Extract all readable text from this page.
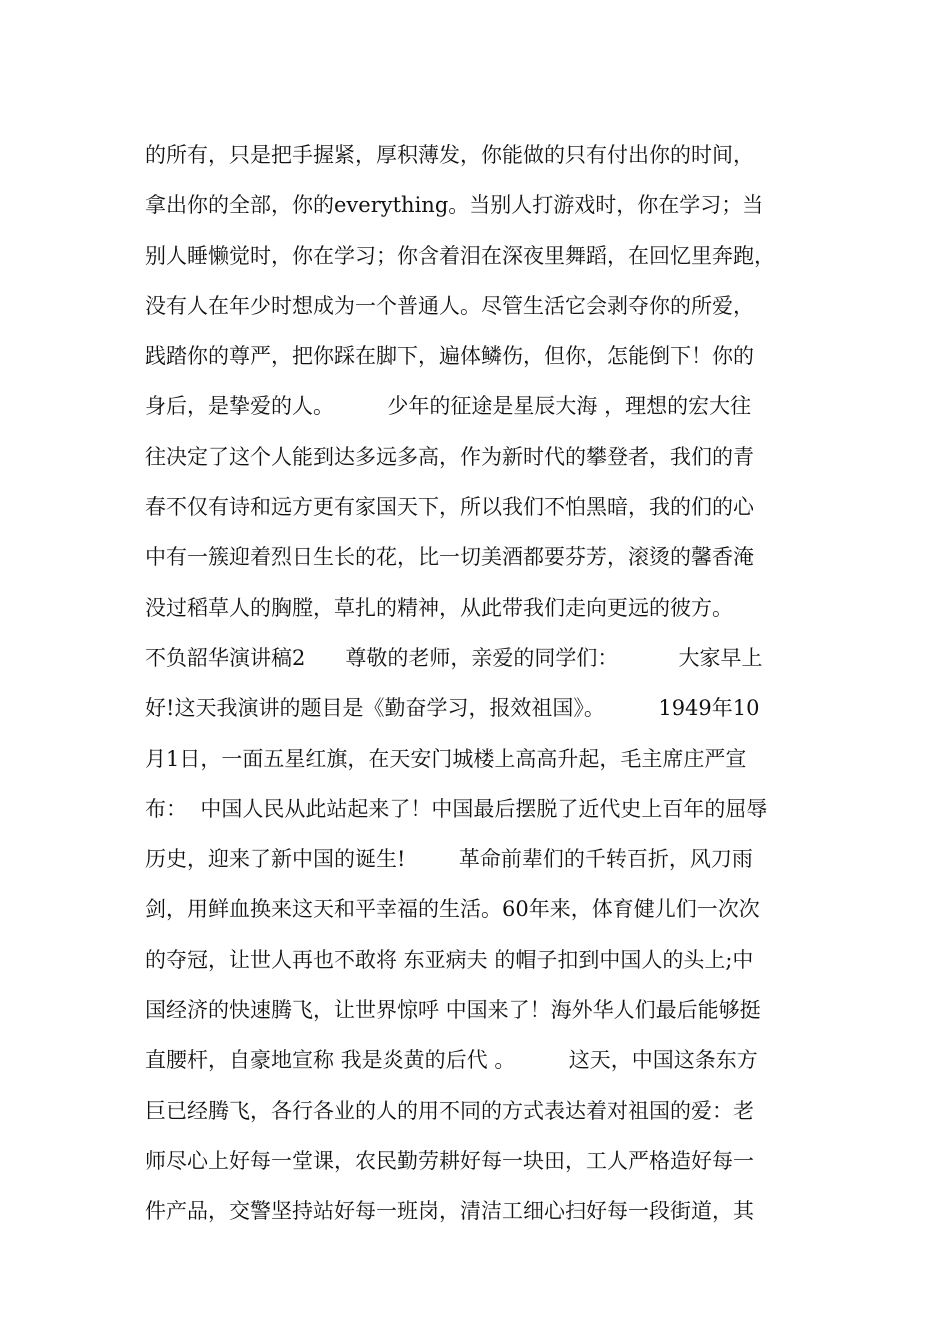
的所有，只是把手握紧，厚积薄发，你能做的只有付出你的时间，
拿出你的全部，你的everything。当别人打游戏时，你在学习；当
别人睡懒觉时，你在学习；你含着泪在深夜里舞蹈，在回忆里奔跑，
没有人在年少时想成为一个普通人。尽管生活它会剥夺你的所爱，
践踏你的尊严，把你踩在脚下，遍体鳞伤，但你，怎能倒下！你的
身后，是挚爱的人。        少年的征途是星辰大海 ，理想的宏大往
往决定了这个人能到达多远多高，作为新时代的攀登者，我们的青
春不仅有诗和远方更有家国天下，所以我们不怕黑暗，我的们的心
中有一簇迎着烈日生长的花，比一切美酒都要芬芳，滚烫的馨香淹
没过稻草人的胸膛，草扎的精神，从此带我们走向更远的彼方。
不负韶华演讲稿2      尊敬的老师，亲爱的同学们：         大家早上
好!这天我演讲的题目是《勤奋学习，报效祖国》。        1949年10
月1日，一面五星红旗，在天安门城楼上高高升起，毛主席庄严宣
布：  中国人民从此站起来了！中国最后摆脱了近代史上百年的屈辱
历史，迎来了新中国的诞生!        革命前辈们的千转百折，风刀雨
剑，用鲜血换来这天和平幸福的生活。60年来，体育健儿们一次次
的夺冠，让世人再也不敢将 东亚病夫 的帽子扣到中国人的头上;中
国经济的快速腾飞，让世界惊呼 中国来了！海外华人们最后能够挺
直腰杆，自豪地宣称 我是炎黄的后代 。        这天，中国这条东方
巨已经腾飞，各行各业的人的用不同的方式表达着对祖国的爱：老
师尽心上好每一堂课，农民勤劳耕好每一块田，工人严格造好每一
件产品，交警坚持站好每一班岗，清洁工细心扫好每一段街道，其
